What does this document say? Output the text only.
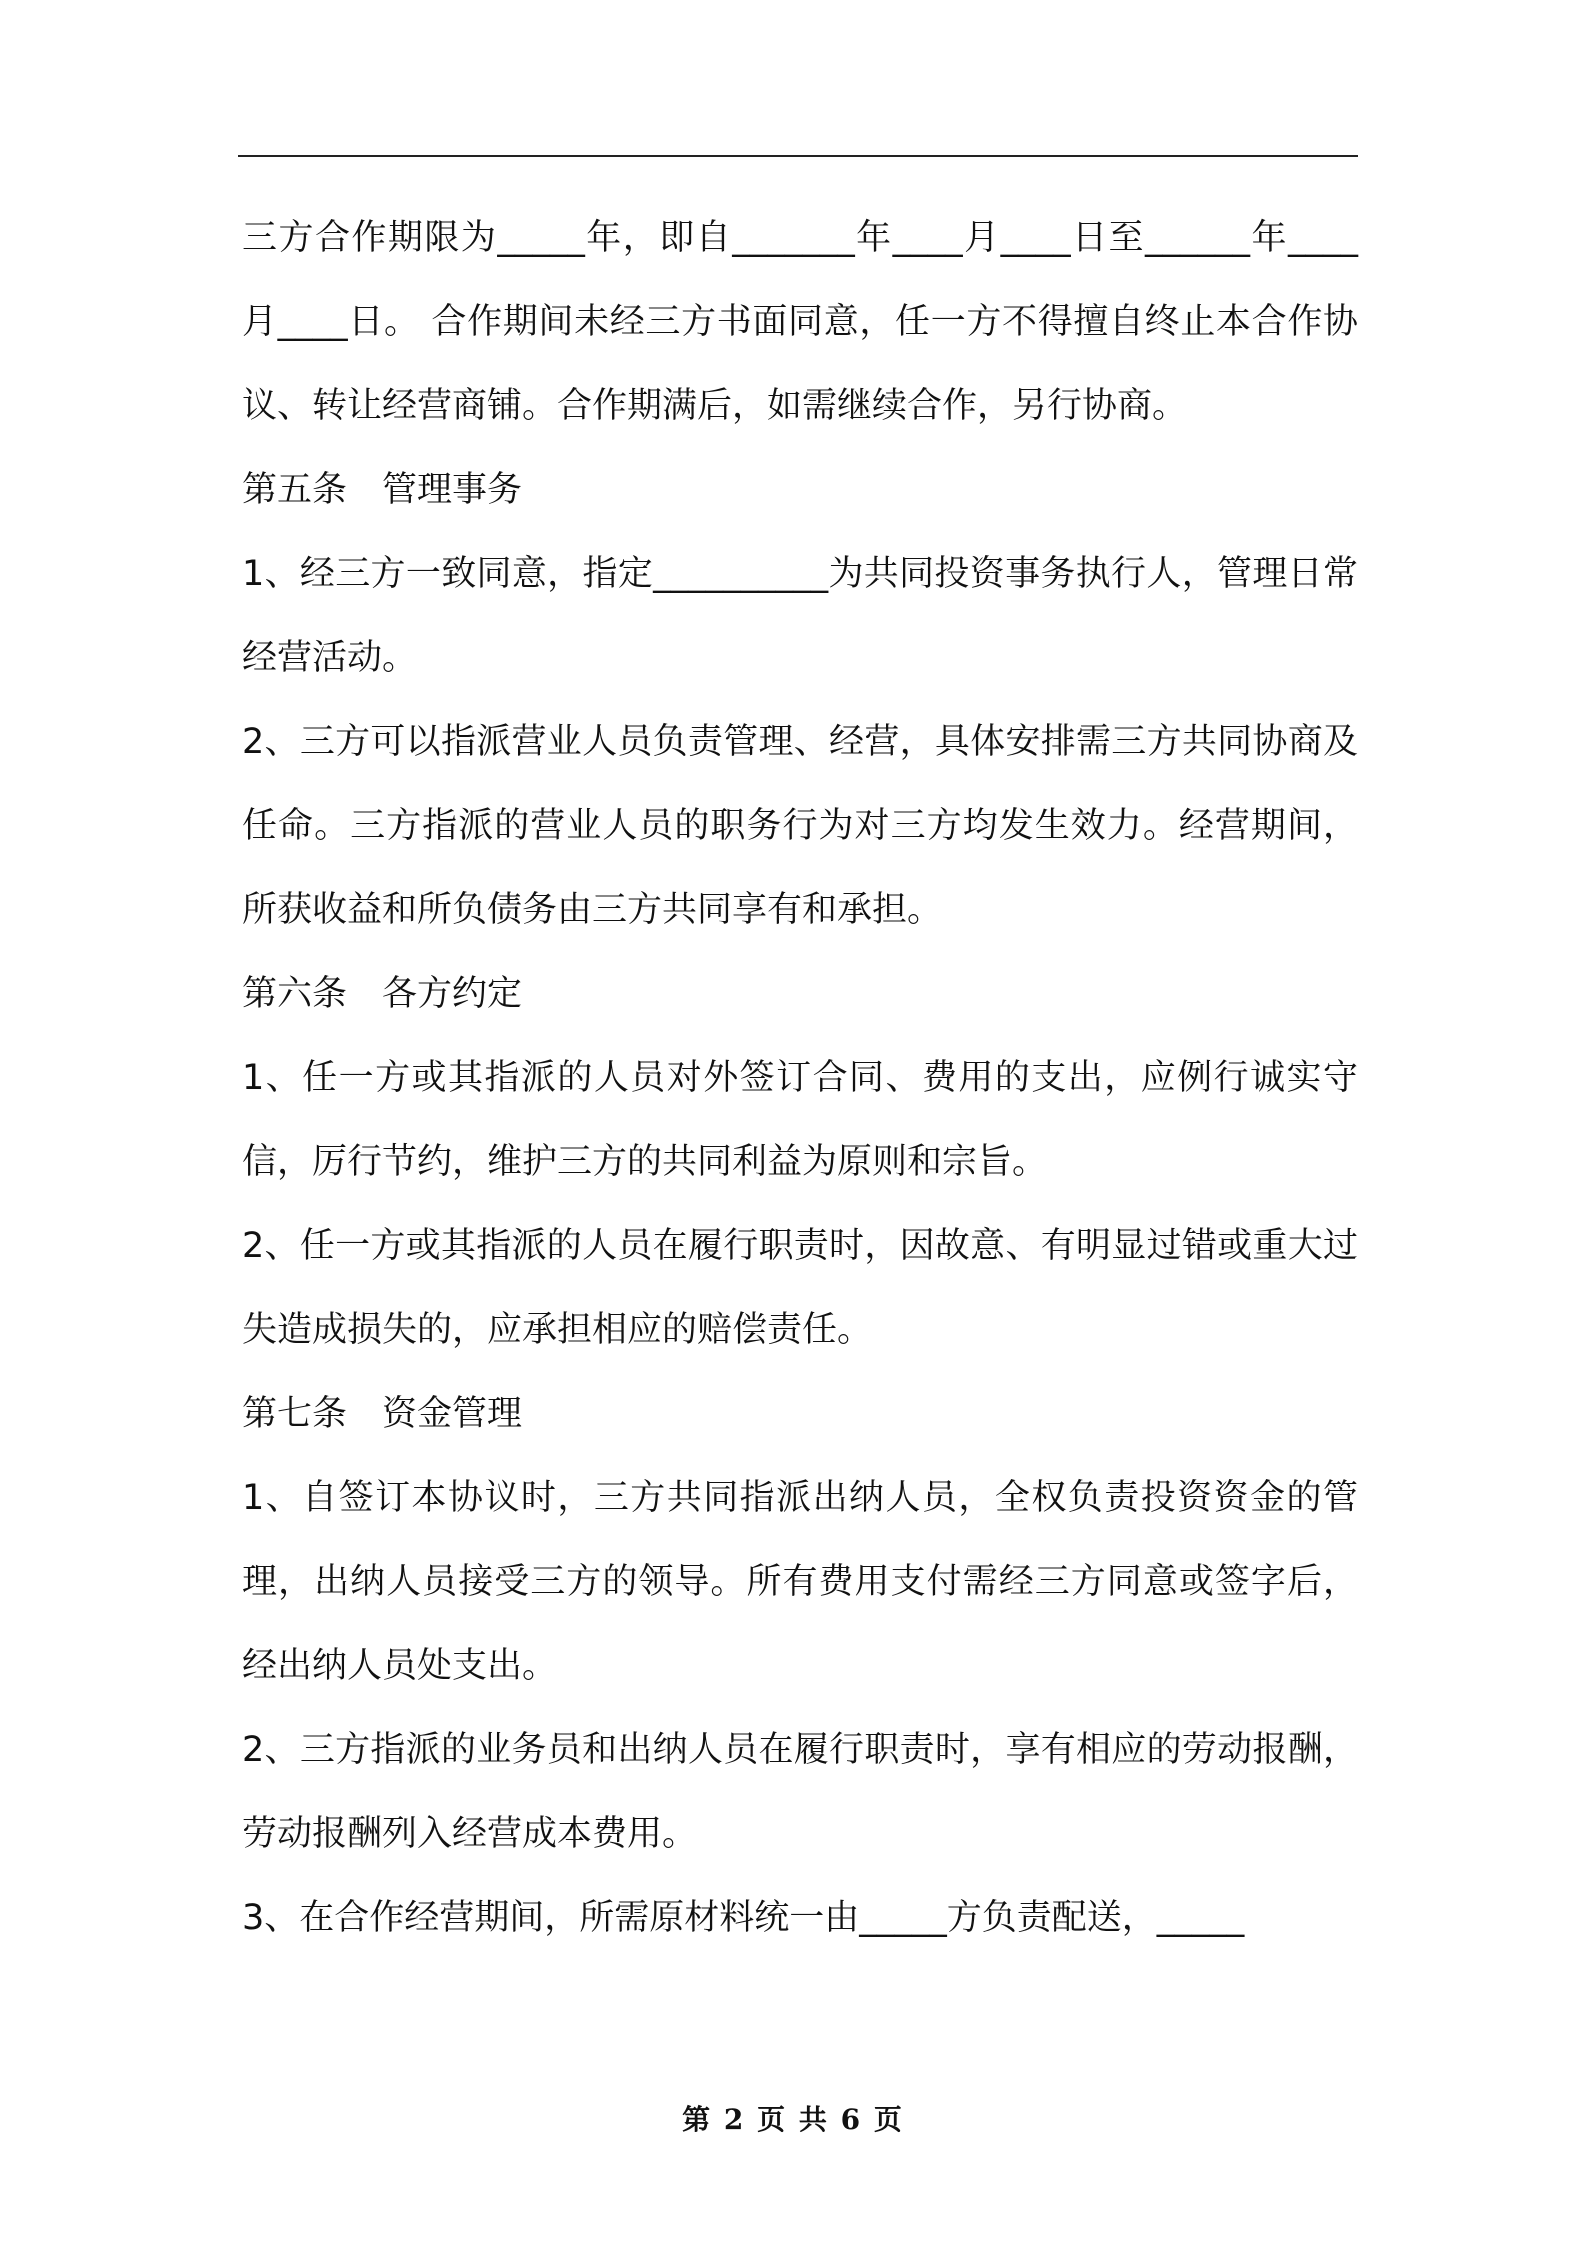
三方合作期限为_____年，即自_______年____月____日至______年____月____日。 合作期间未经三方书面同意，任一方不得擅自终止本合作协议、转让经营商铺。合作期满后，如需继续合作，另行协商。

第五条　管理事务

1、经三方一致同意，指定__________为共同投资事务执行人，管理日常经营活动。

2、三方可以指派营业人员负责管理、经营，具体安排需三方共同协商及任命。三方指派的营业人员的职务行为对三方均发生效力。经营期间，所获收益和所负债务由三方共同享有和承担。

第六条　各方约定

1、任一方或其指派的人员对外签订合同、费用的支出，应例行诚实守信，厉行节约，维护三方的共同利益为原则和宗旨。

2、任一方或其指派的人员在履行职责时，因故意、有明显过错或重大过失造成损失的，应承担相应的赔偿责任。

第七条　资金管理

1、自签订本协议时，三方共同指派出纳人员，全权负责投资资金的管理，出纳人员接受三方的领导。所有费用支付需经三方同意或签字后，经出纳人员处支出。

2、三方指派的业务员和出纳人员在履行职责时，享有相应的劳动报酬，劳动报酬列入经营成本费用。

3、在合作经营期间，所需原材料统一由_____方负责配送，_____

第 2 页 共 6 页
